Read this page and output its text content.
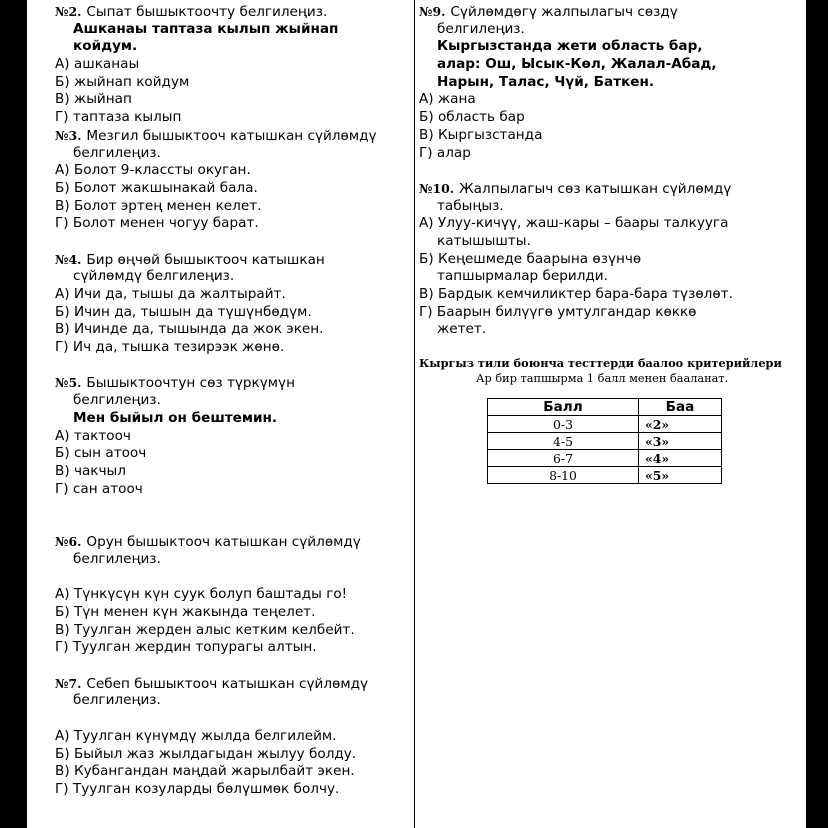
№2. Сыпат бышыктоочту белгилеңиз.
Ашканаы таптаза кылып жыйнап
койдум.
А) ашканаы
Б) жыйнап койдум
В) жыйнап
Г) таптаза кылып
№3. Мезгил бышыктооч катышкан сүйлөмдү
белгилеңиз.
А) Болот 9-классты окуган.
Б) Болот жакшынакай бала.
В) Болот эртең менен келет.
Г) Болот менен чогуу барат.
№4. Бир өңчөй бышыктооч катышкан
сүйлөмдү белгилеңиз.
А) Ичи да, тышы да жалтырайт.
Б) Ичин да, тышын да түшүнбөдүм.
В) Ичинде да, тышында да жок экен.
Г) Ич да, тышка тезирээк жөнө.
№5. Бышыктоочтун сөз түркүмүн
белгилеңиз.
Мен быйыл он бештемин.
А) тактооч
Б) сын атооч
В) чакчыл
Г) сан атооч
№6. Орун бышыктооч катышкан сүйлөмдү
белгилеңиз.
А) Түнкүсүн күн суук болуп баштады го!
Б) Түн менен күн жакында теңелет.
В) Туулган жерден алыс кетким келбейт.
Г) Туулган жердин топурагы алтын.
№7. Себеп бышыктооч катышкан сүйлөмдү
белгилеңиз.
А) Туулган күнүмдү жылда белгилейм.
Б) Быйыл жаз жылдагыдан жылуу болду.
В) Кубангандан маңдай жарылбайт экен.
Г) Туулган козуларды бөлүшмөк болчу.
№9. Сүйлөмдөгү жалпылагыч сөздү
белгилеңиз.
Кыргызстанда жети область бар,
алар: Ош, Ысык-Көл, Жалал-Абад,
Нарын, Талас, Чүй, Баткен.
А) жана
Б) область бар
В) Кыргызстанда
Г) алар
№10. Жалпылагыч сөз катышкан сүйлөмдү
табыңыз.
А) Улуу-кичүү, жаш-кары – баары талкууга
катышышты.
Б) Кеңешмеде баарына өзүнчө
тапшырмалар берилди.
В) Бардык кемчиликтер бара-бара түзөлөт.
Г) Баарын билүүгө умтулгандар көккө
жетет.
Кыргыз тили боюнча тесттерди баалоо критерийлери
Ар бир тапшырма 1 балл менен бааланат.
Балл	Баа
0-3	«2»
4-5	«3»
6-7	«4»
8-10	«5»
